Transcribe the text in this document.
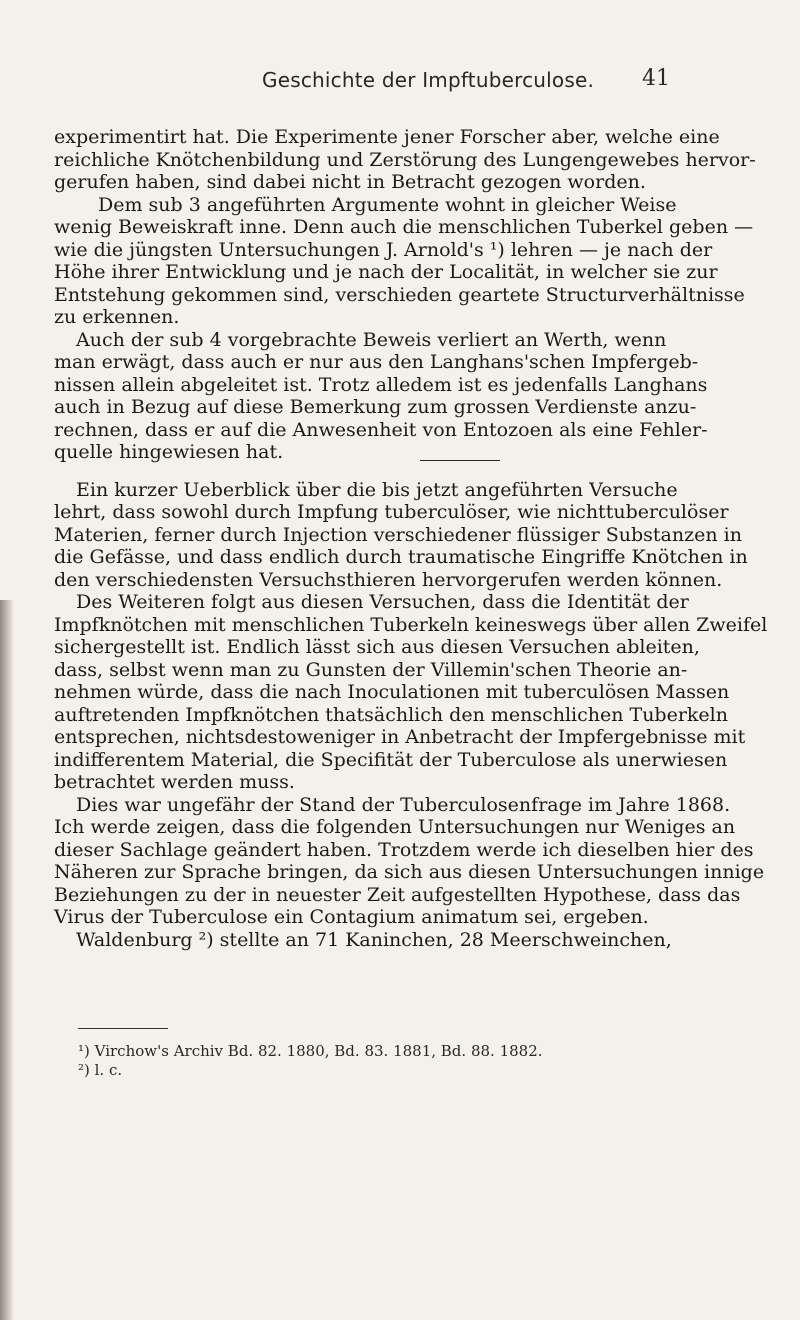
Geschichte der Impftuberculose. 41
experimentirt hat. Die Experimente jener Forscher aber, welche eine
reichliche Knötchenbildung und Zerstörung des Lungengewebes hervor-
gerufen haben, sind dabei nicht in Betracht gezogen worden.
Dem sub 3 angeführten Argumente wohnt in gleicher Weise
wenig Beweiskraft inne. Denn auch die menschlichen Tuberkel geben —
wie die jüngsten Untersuchungen J. Arnold's ¹) lehren — je nach der
Höhe ihrer Entwicklung und je nach der Localität, in welcher sie zur
Entstehung gekommen sind, verschieden geartete Structurverhältnisse
zu erkennen.
Auch der sub 4 vorgebrachte Beweis verliert an Werth, wenn
man erwägt, dass auch er nur aus den Langhans'schen Impfergeb-
nissen allein abgeleitet ist. Trotz alledem ist es jedenfalls Langhans
auch in Bezug auf diese Bemerkung zum grossen Verdienste anzu-
rechnen, dass er auf die Anwesenheit von Entozoen als eine Fehler-
quelle hingewiesen hat.
Ein kurzer Ueberblick über die bis jetzt angeführten Versuche
lehrt, dass sowohl durch Impfung tuberculöser, wie nichttuberculöser
Materien, ferner durch Injection verschiedener flüssiger Substanzen in
die Gefässe, und dass endlich durch traumatische Eingriffe Knötchen in
den verschiedensten Versuchsthieren hervorgerufen werden können.
Des Weiteren folgt aus diesen Versuchen, dass die Identität der
Impfknötchen mit menschlichen Tuberkeln keineswegs über allen Zweifel
sichergestellt ist. Endlich lässt sich aus diesen Versuchen ableiten,
dass, selbst wenn man zu Gunsten der Villemin'schen Theorie an-
nehmen würde, dass die nach Inoculationen mit tuberculösen Massen
auftretenden Impfknötchen thatsächlich den menschlichen Tuberkeln
entsprechen, nichtsdestoweniger in Anbetracht der Impfergebnisse mit
indifferentem Material, die Specifität der Tuberculose als unerwiesen
betrachtet werden muss.
Dies war ungefähr der Stand der Tuberculosenfrage im Jahre 1868.
Ich werde zeigen, dass die folgenden Untersuchungen nur Weniges an
dieser Sachlage geändert haben. Trotzdem werde ich dieselben hier des
Näheren zur Sprache bringen, da sich aus diesen Untersuchungen innige
Beziehungen zu der in neuester Zeit aufgestellten Hypothese, dass das
Virus der Tuberculose ein Contagium animatum sei, ergeben.
Waldenburg ²) stellte an 71 Kaninchen, 28 Meerschweinchen,
¹) Virchow's Archiv Bd. 82. 1880, Bd. 83. 1881, Bd. 88. 1882.
²) l. c.
